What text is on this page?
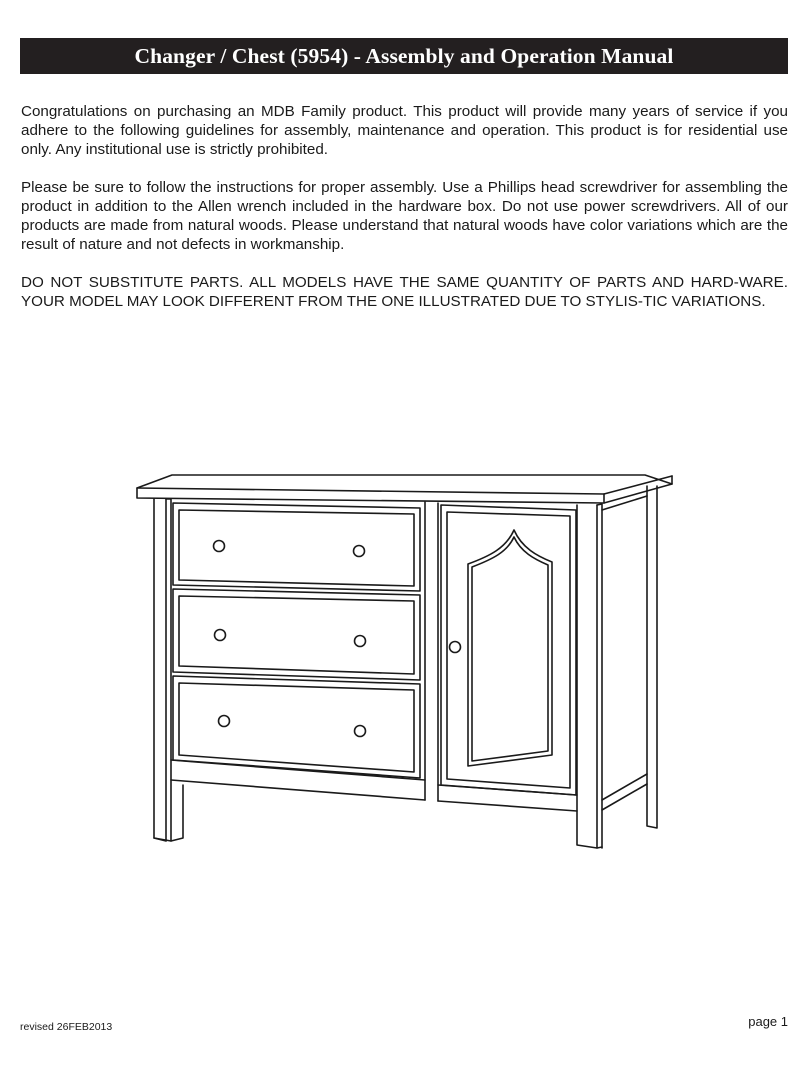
Changer / Chest (5954) - Assembly and Operation Manual

Congratulations on purchasing an MDB Family product. This product will provide many years of service if you adhere to the following guidelines for assembly, maintenance and operation. This product is for residential use only. Any institutional use is strictly prohibited.

Please be sure to follow the instructions for proper assembly. Use a Phillips head screwdriver for assembling the product in addition to the Allen wrench included in the hardware box. Do not use power screwdrivers. All of our products are made from natural woods. Please understand that natural woods have color variations which are the result of nature and not defects in workmanship.

DO NOT SUBSTITUTE PARTS. ALL MODELS HAVE THE SAME QUANTITY OF PARTS AND HARD-WARE. YOUR MODEL MAY LOOK DIFFERENT FROM THE ONE ILLUSTRATED DUE TO STYLIS-TIC VARIATIONS.

revised 26FEB2013	page 1
